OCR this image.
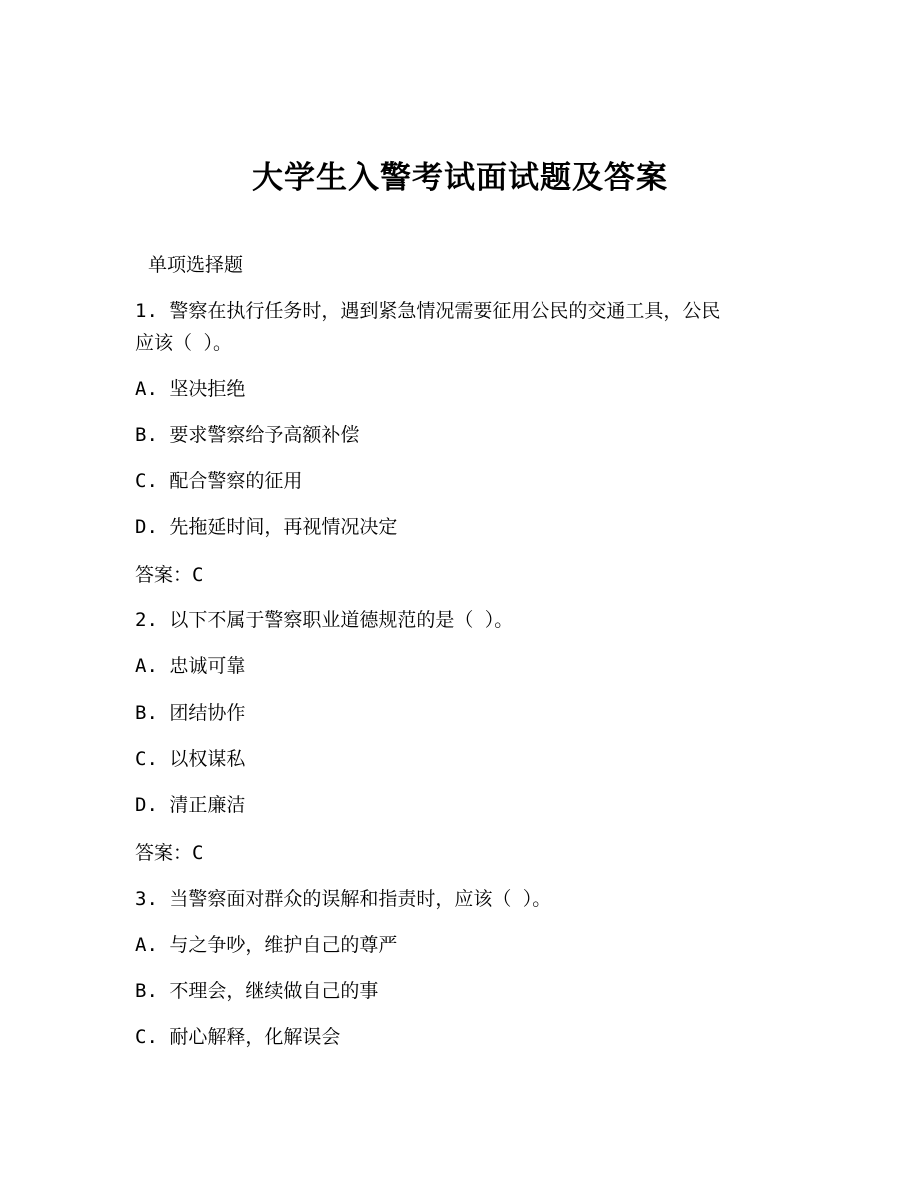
大学生入警考试面试题及答案
单项选择题
1. 警察在执行任务时，遇到紧急情况需要征用公民的交通工具，公民
应该（ ）。
A. 坚决拒绝
B. 要求警察给予高额补偿
C. 配合警察的征用
D. 先拖延时间，再视情况决定
答案：C
2. 以下不属于警察职业道德规范的是（ ）。
A. 忠诚可靠
B. 团结协作
C. 以权谋私
D. 清正廉洁
答案：C
3. 当警察面对群众的误解和指责时，应该（ ）。
A. 与之争吵，维护自己的尊严
B. 不理会，继续做自己的事
C. 耐心解释，化解误会
